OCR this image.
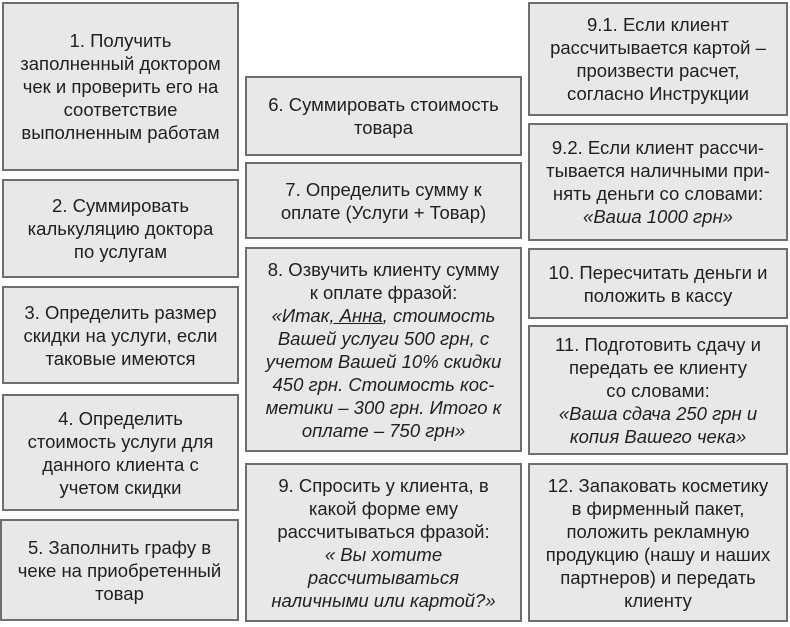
1. Получить
заполненный доктором
чек и проверить его на
соответствие
выполненным работам
2. Суммировать
калькуляцию доктора
по услугам
3. Определить размер
скидки на услуги, если
таковые имеются
4. Определить
стоимость услуги для
данного клиента с
учетом скидки
5. Заполнить графу в
чеке на приобретенный
товар
6. Суммировать стоимость
товара
7. Определить сумму к
оплате (Услуги + Товар)
8. Озвучить клиенту сумму
к оплате фразой:
«Итак, Анна, стоимость
Вашей услуги 500 грн, с
учетом Вашей 10% скидки
450 грн. Стоимость кос-
метики – 300 грн. Итого к
оплате – 750 грн»
9. Спросить у клиента, в
какой форме ему
рассчитываться фразой:
« Вы хотите
рассчитываться
наличными или картой?»
9.1. Если клиент
рассчитывается картой –
произвести расчет,
согласно Инструкции
9.2. Если клиент рассчи-
тывается наличными при-
нять деньги со словами:
«Ваша 1000 грн»
10. Пересчитать деньги и
положить в кассу
11. Подготовить сдачу и
передать ее клиенту
со словами:
«Ваша сдача 250 грн и
копия Вашего чека»
12. Запаковать косметику
в фирменный пакет,
положить рекламную
продукцию (нашу и наших
партнеров) и передать
клиенту
